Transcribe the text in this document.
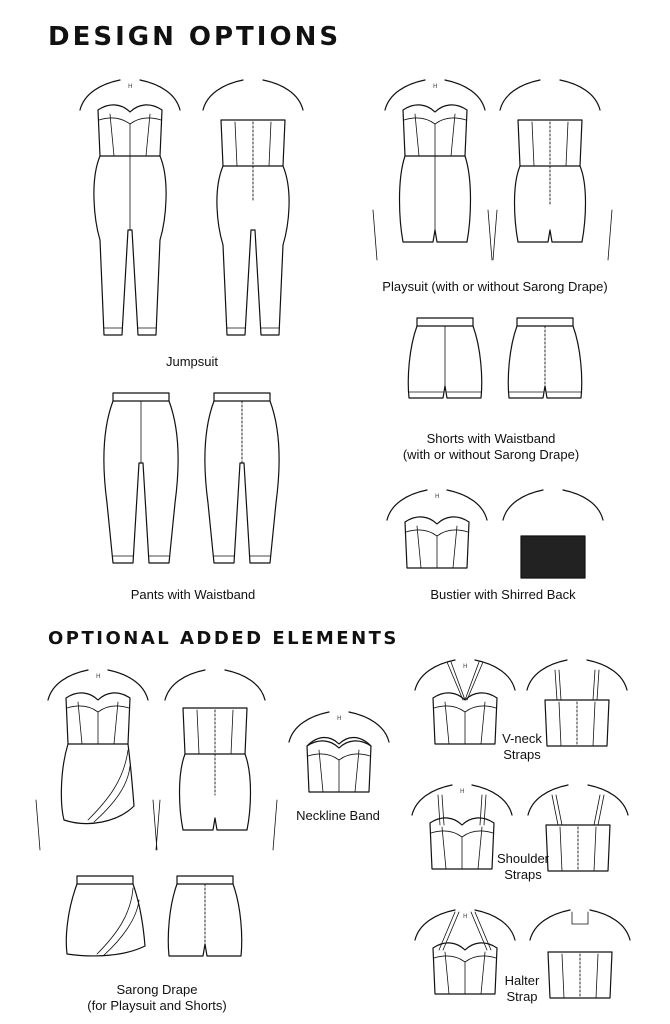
DESIGN OPTIONS
H	H
H
H
H
H
H
H
Jumpsuit
Playsuit (with or without Sarong Drape)
Shorts with Waistband
(with or without Sarong Drape)
Pants with Waistband	Bustier with Shirred Back
OPTIONAL ADDED ELEMENTS
Neckline Band
Sarong Drape
(for Playsuit and Shorts)
V-neck
Straps
Shoulder
Straps
Halter
Strap
